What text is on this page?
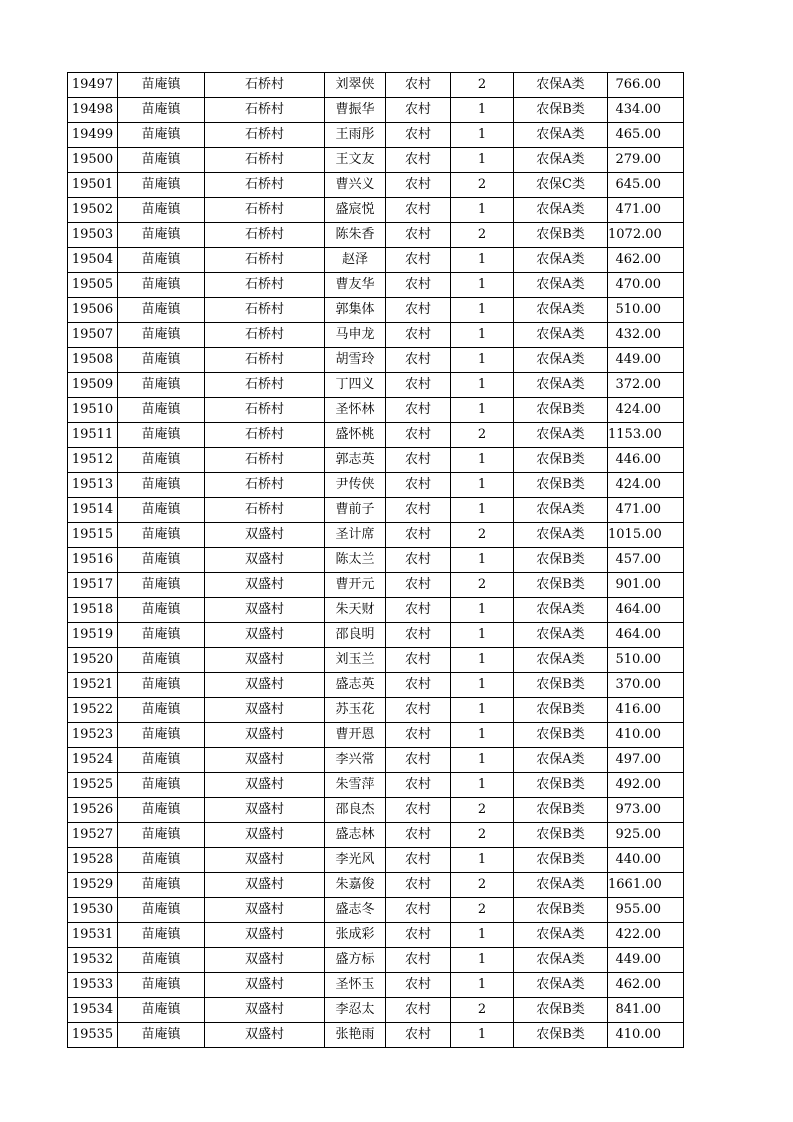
19497	苗庵镇	石桥村	刘翠侠	农村	2	农保A类	766.00
19498	苗庵镇	石桥村	曹振华	农村	1	农保B类	434.00
19499	苗庵镇	石桥村	王雨彤	农村	1	农保A类	465.00
19500	苗庵镇	石桥村	王文友	农村	1	农保A类	279.00
19501	苗庵镇	石桥村	曹兴义	农村	2	农保C类	645.00
19502	苗庵镇	石桥村	盛宸悦	农村	1	农保A类	471.00
19503	苗庵镇	石桥村	陈朱香	农村	2	农保B类	1072.00
19504	苗庵镇	石桥村	赵泽	农村	1	农保A类	462.00
19505	苗庵镇	石桥村	曹友华	农村	1	农保A类	470.00
19506	苗庵镇	石桥村	郭集体	农村	1	农保A类	510.00
19507	苗庵镇	石桥村	马申龙	农村	1	农保A类	432.00
19508	苗庵镇	石桥村	胡雪玲	农村	1	农保A类	449.00
19509	苗庵镇	石桥村	丁四义	农村	1	农保A类	372.00
19510	苗庵镇	石桥村	圣怀林	农村	1	农保B类	424.00
19511	苗庵镇	石桥村	盛怀桃	农村	2	农保A类	1153.00
19512	苗庵镇	石桥村	郭志英	农村	1	农保B类	446.00
19513	苗庵镇	石桥村	尹传侠	农村	1	农保B类	424.00
19514	苗庵镇	石桥村	曹前子	农村	1	农保A类	471.00
19515	苗庵镇	双盛村	圣计席	农村	2	农保A类	1015.00
19516	苗庵镇	双盛村	陈太兰	农村	1	农保B类	457.00
19517	苗庵镇	双盛村	曹开元	农村	2	农保B类	901.00
19518	苗庵镇	双盛村	朱天财	农村	1	农保A类	464.00
19519	苗庵镇	双盛村	邵良明	农村	1	农保A类	464.00
19520	苗庵镇	双盛村	刘玉兰	农村	1	农保A类	510.00
19521	苗庵镇	双盛村	盛志英	农村	1	农保B类	370.00
19522	苗庵镇	双盛村	苏玉花	农村	1	农保B类	416.00
19523	苗庵镇	双盛村	曹开恩	农村	1	农保B类	410.00
19524	苗庵镇	双盛村	李兴常	农村	1	农保A类	497.00
19525	苗庵镇	双盛村	朱雪萍	农村	1	农保B类	492.00
19526	苗庵镇	双盛村	邵良杰	农村	2	农保B类	973.00
19527	苗庵镇	双盛村	盛志林	农村	2	农保B类	925.00
19528	苗庵镇	双盛村	李光风	农村	1	农保B类	440.00
19529	苗庵镇	双盛村	朱嘉俊	农村	2	农保A类	1661.00
19530	苗庵镇	双盛村	盛志冬	农村	2	农保B类	955.00
19531	苗庵镇	双盛村	张成彩	农村	1	农保A类	422.00
19532	苗庵镇	双盛村	盛方标	农村	1	农保A类	449.00
19533	苗庵镇	双盛村	圣怀玉	农村	1	农保A类	462.00
19534	苗庵镇	双盛村	李忍太	农村	2	农保B类	841.00
19535	苗庵镇	双盛村	张艳雨	农村	1	农保B类	410.00
